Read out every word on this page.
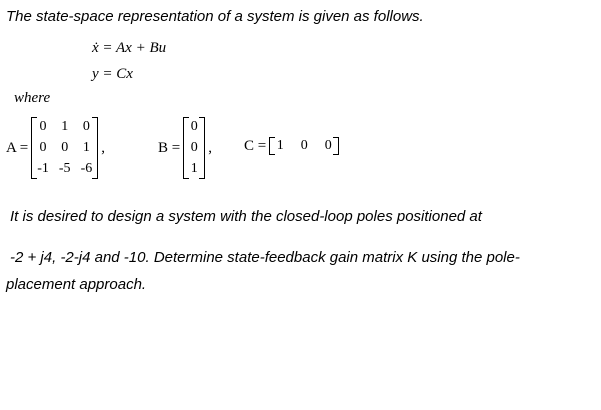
The state-space representation of a system is given as follows.
ẋ = Ax + Bu
y = Cx
where
A =
0 1 0
0 0 1
-1 -5 -6
,	B =
0
0
1
, C = 1 0 0
It is desired to design a system with the closed-loop poles positioned at
-2 + j4, -2-j4 and -10. Determine state-feedback gain matrix K using the pole-
placement approach.
